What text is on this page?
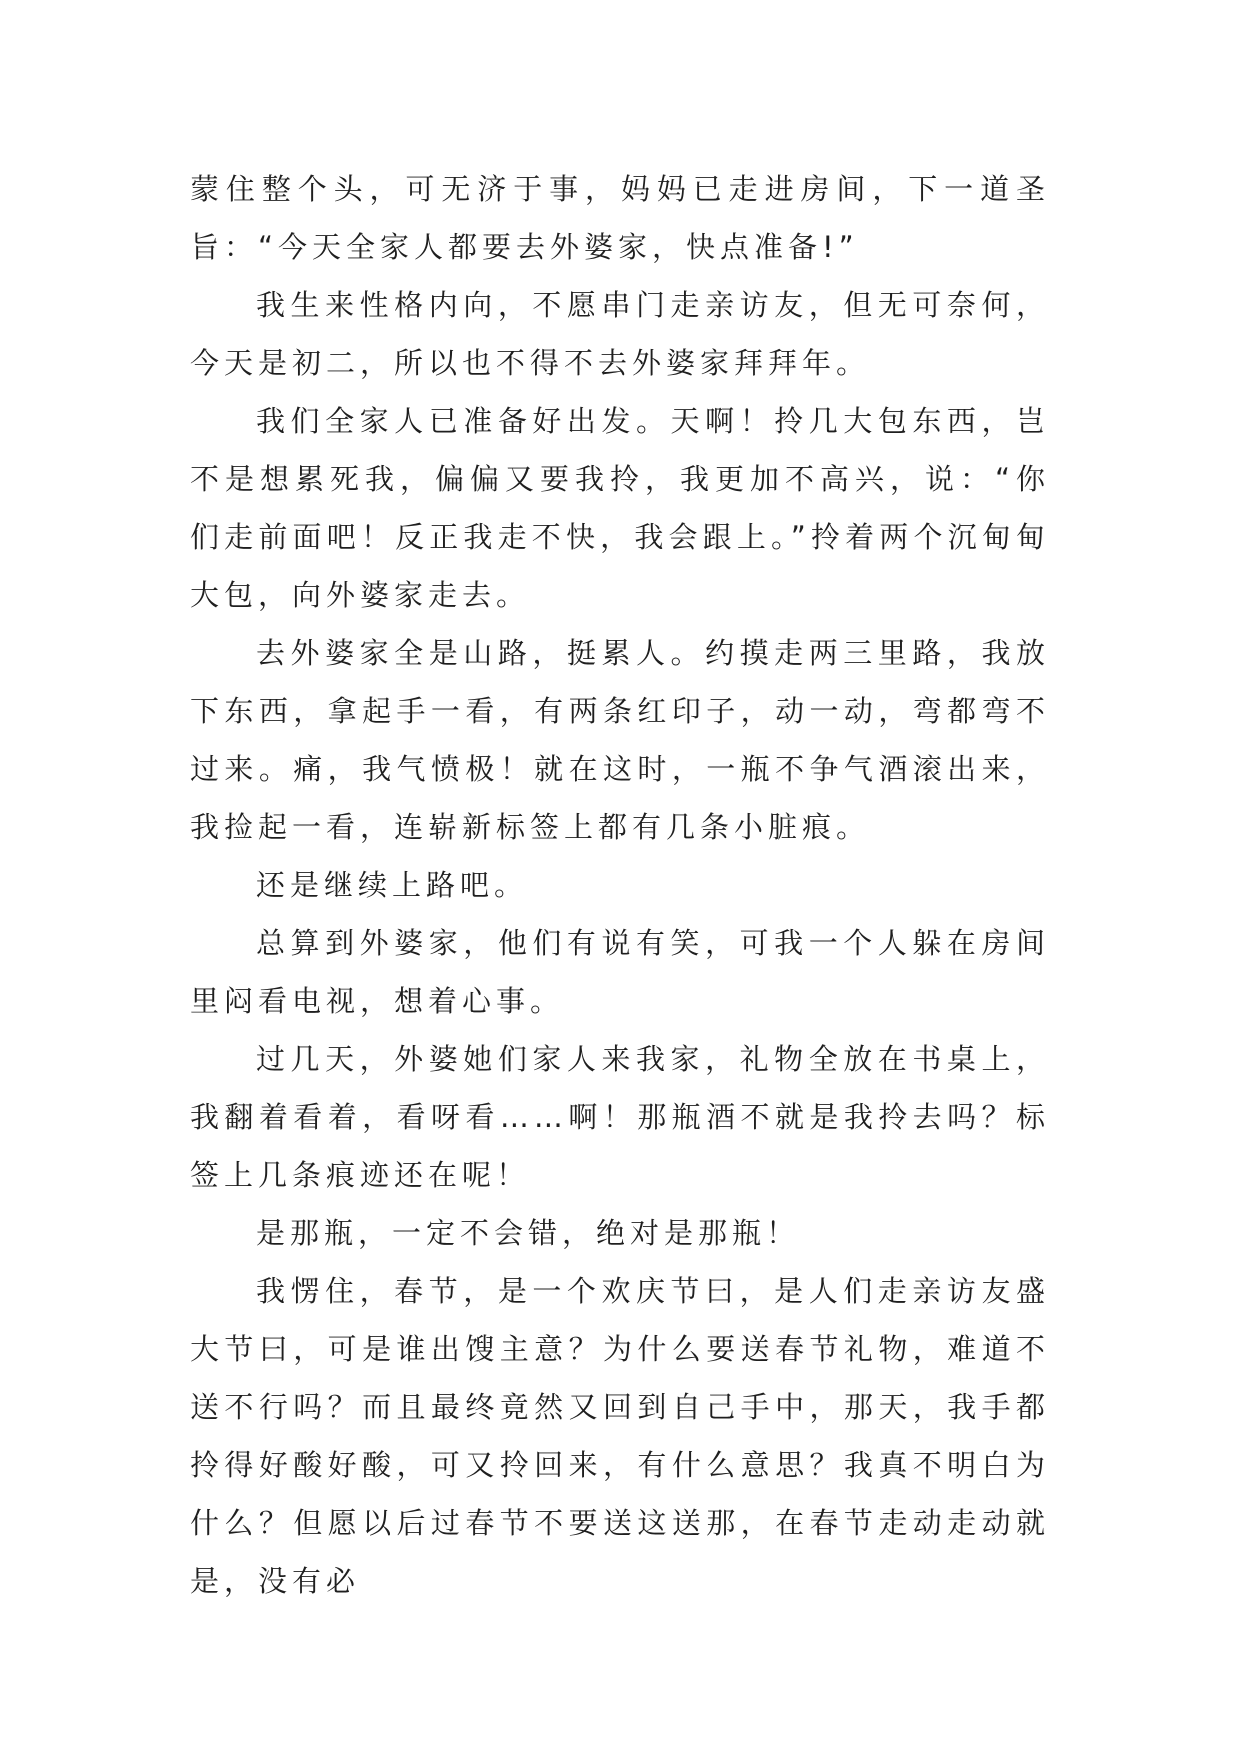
蒙住整个头，可无济于事，妈妈已走进房间，下一道圣旨：“今天全家人都要去外婆家，快点准备!”

我生来性格内向，不愿串门走亲访友，但无可奈何，今天是初二，所以也不得不去外婆家拜拜年。

我们全家人已准备好出发。天啊！拎几大包东西，岂不是想累死我，偏偏又要我拎，我更加不高兴，说：“你们走前面吧！反正我走不快，我会跟上。”拎着两个沉甸甸大包，向外婆家走去。

去外婆家全是山路，挺累人。约摸走两三里路，我放下东西，拿起手一看，有两条红印子，动一动，弯都弯不过来。痛，我气愤极！就在这时，一瓶不争气酒滚出来，我捡起一看，连崭新标签上都有几条小脏痕。

还是继续上路吧。

总算到外婆家，他们有说有笑，可我一个人躲在房间里闷看电视，想着心事。

过几天，外婆她们家人来我家，礼物全放在书桌上，我翻着看着，看呀看……啊！那瓶酒不就是我拎去吗？标签上几条痕迹还在呢！

是那瓶，一定不会错，绝对是那瓶！

我愣住，春节，是一个欢庆节曰，是人们走亲访友盛大节曰，可是谁出馊主意？为什么要送春节礼物，难道不送不行吗？而且最终竟然又回到自己手中，那天，我手都拎得好酸好酸，可又拎回来，有什么意思？我真不明白为什么？但愿以后过春节不要送这送那，在春节走动走动就是，没有必
